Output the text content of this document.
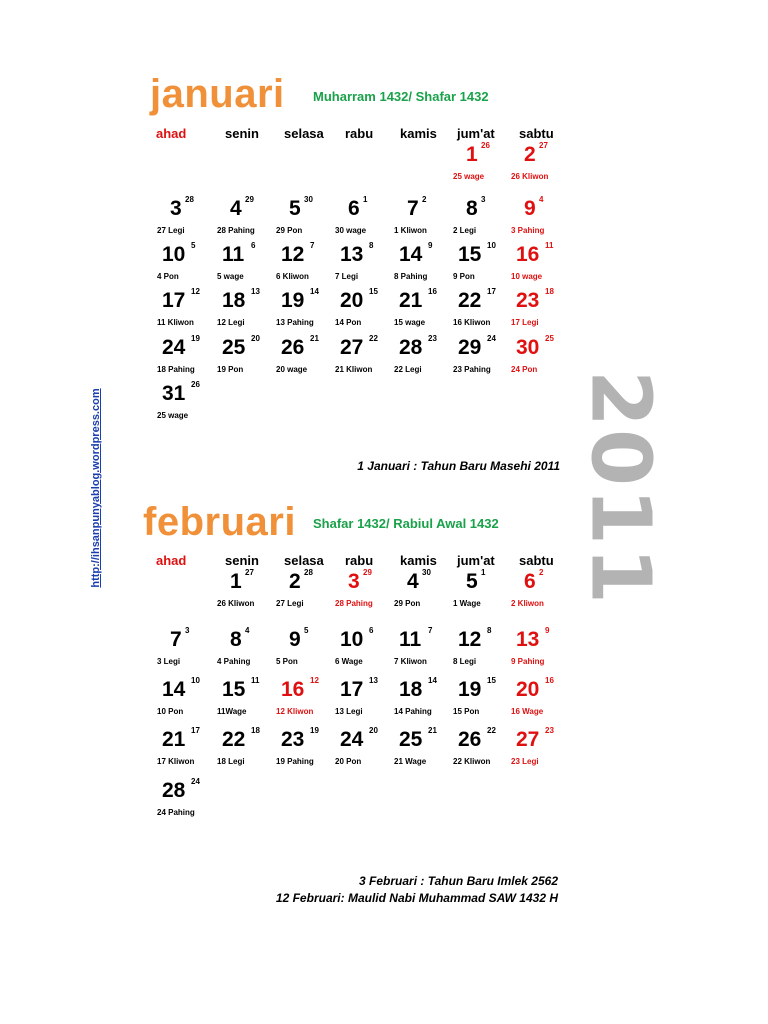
januari Muharram 1432/ Shafar 1432
ahad	senin selasa rabu kamis jum'at sabtu
1 26
25 wage
2 27
26 Kliwon
3 28
27 Legi
4 29
28 Pahing
5 30
29 Pon
6 1
30 wage
7 2
1 Kliwon
8 3
2 Legi
9 4
3 Pahing
10 5
4 Pon
11 6
5 wage
12 7
6 Kliwon
13 8
7 Legi
14 9
8 Pahing
15 10
9 Pon
16 11
10 wage
17 12
11 Kliwon
18 13
12 Legi
19 14
13 Pahing
20 15
14 Pon
21 16
15 wage
22 17
16 Kliwon
23 18
17 Legi
24 19
18 Pahing
25 20
19 Pon
26 21
20 wage
27 22
21 Kliwon
28 23
22 Legi
29 24
23 Pahing
30 25
24 Pon
31 26
25 wage
1 Januari : Tahun Baru Masehi 2011
februari Shafar 1432/ Rabiul Awal 1432
ahad	senin selasa rabu kamis jum'at sabtu
1 27
26 Kliwon
2 28
27 Legi
3 29
28 Pahing
4 30
29 Pon
5 1
1 Wage
6 2
2 Kliwon
7 3
3 Legi
8 4
4 Pahing
9 5
5 Pon
10 6
6 Wage
11 7
7 Kliwon
12 8
8 Legi
13 9
9 Pahing
14 10
10 Pon
15 11
11Wage
16 12
12 Kliwon
17 13
13 Legi
18 14
14 Pahing
19 15
15 Pon
20 16
16 Wage
21 17
17 Kliwon
22 18
18 Legi
23 19
19 Pahing
24 20
20 Pon
25 21
21 Wage
26 22
22 Kliwon
27 23
23 Legi
28 24
24 Pahing
3 Februari : Tahun Baru Imlek 2562
12 Februari: Maulid Nabi Muhammad SAW 1432 H
2011
http://ihsanpunyablog.wordpress.com
